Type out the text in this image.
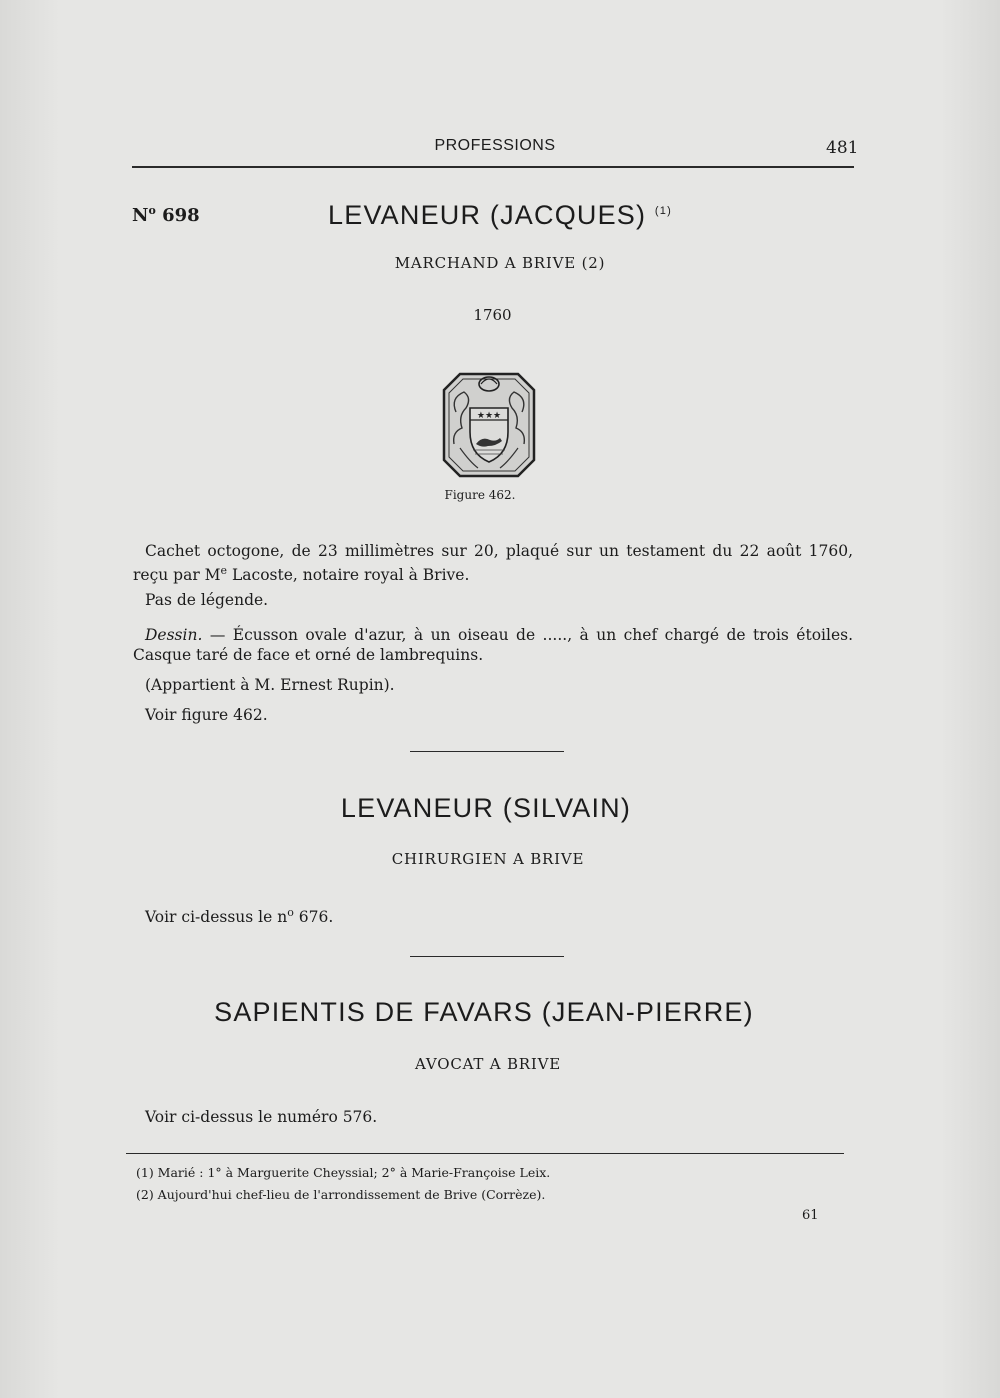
PROFESSIONS	481
$N^o$ 698	LEVANEUR (JACQUES) $^{(1)}$
MARCHAND A BRIVE (2)
1760
★★★
Figure 462.
Cachet octogone, de 23 millimètres sur 20, plaqué sur un testament du 22 août 1760, reçu par Me Lacoste, notaire royal à Brive.
Pas de légende.
Dessin. — Écusson ovale d'azur, à un oiseau de ....., à un chef chargé de trois étoiles. Casque taré de face et orné de lambrequins.
(Appartient à M. Ernest Rupin).
Voir figure 462.
LEVANEUR (SILVAIN)
CHIRURGIEN A BRIVE
Voir ci-dessus le $n^o$ 676.
SAPIENTIS DE FAVARS (JEAN-PIERRE)
AVOCAT A BRIVE
Voir ci-dessus le numéro 576.
(1) Marié : 1° à Marguerite Cheyssial; 2° à Marie-Françoise Leix.
(2) Aujourd'hui chef-lieu de l'arrondissement de Brive (Corrèze).
61
